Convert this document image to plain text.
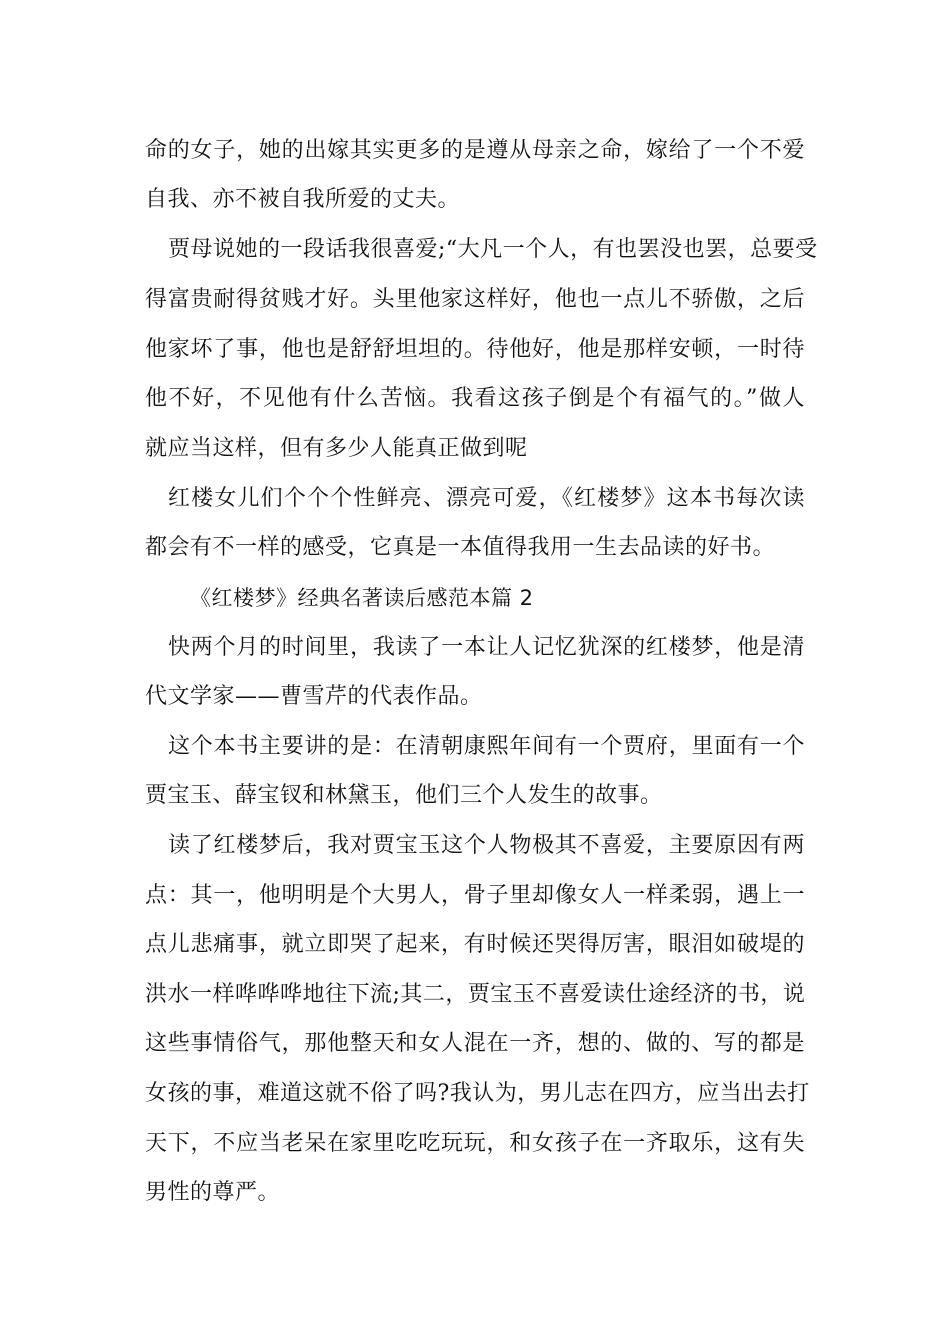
命的女子，她的出嫁其实更多的是遵从母亲之命，嫁给了一个不爱
自我、亦不被自我所爱的丈夫。
贾母说她的一段话我很喜爱;“大凡一个人，有也罢没也罢，总要受
得富贵耐得贫贱才好。头里他家这样好，他也一点儿不骄傲，之后
他家坏了事，他也是舒舒坦坦的。待他好，他是那样安顿，一时待
他不好，不见他有什么苦恼。我看这孩子倒是个有福气的。”做人
就应当这样，但有多少人能真正做到呢
红楼女儿们个个个性鲜亮、漂亮可爱，《红楼梦》这本书每次读
都会有不一样的感受，它真是一本值得我用一生去品读的好书。
《红楼梦》经典名著读后感范本篇 2
快两个月的时间里，我读了一本让人记忆犹深的红楼梦，他是清
代文学家——曹雪芹的代表作品。
这个本书主要讲的是：在清朝康熙年间有一个贾府，里面有一个
贾宝玉、薛宝钗和林黛玉，他们三个人发生的故事。
读了红楼梦后，我对贾宝玉这个人物极其不喜爱，主要原因有两
点：其一，他明明是个大男人，骨子里却像女人一样柔弱，遇上一
点儿悲痛事，就立即哭了起来，有时候还哭得厉害，眼泪如破堤的
洪水一样哗哗哗地往下流;其二，贾宝玉不喜爱读仕途经济的书，说
这些事情俗气，那他整天和女人混在一齐，想的、做的、写的都是
女孩的事，难道这就不俗了吗?我认为，男儿志在四方，应当出去打
天下，不应当老呆在家里吃吃玩玩，和女孩子在一齐取乐，这有失
男性的尊严。
